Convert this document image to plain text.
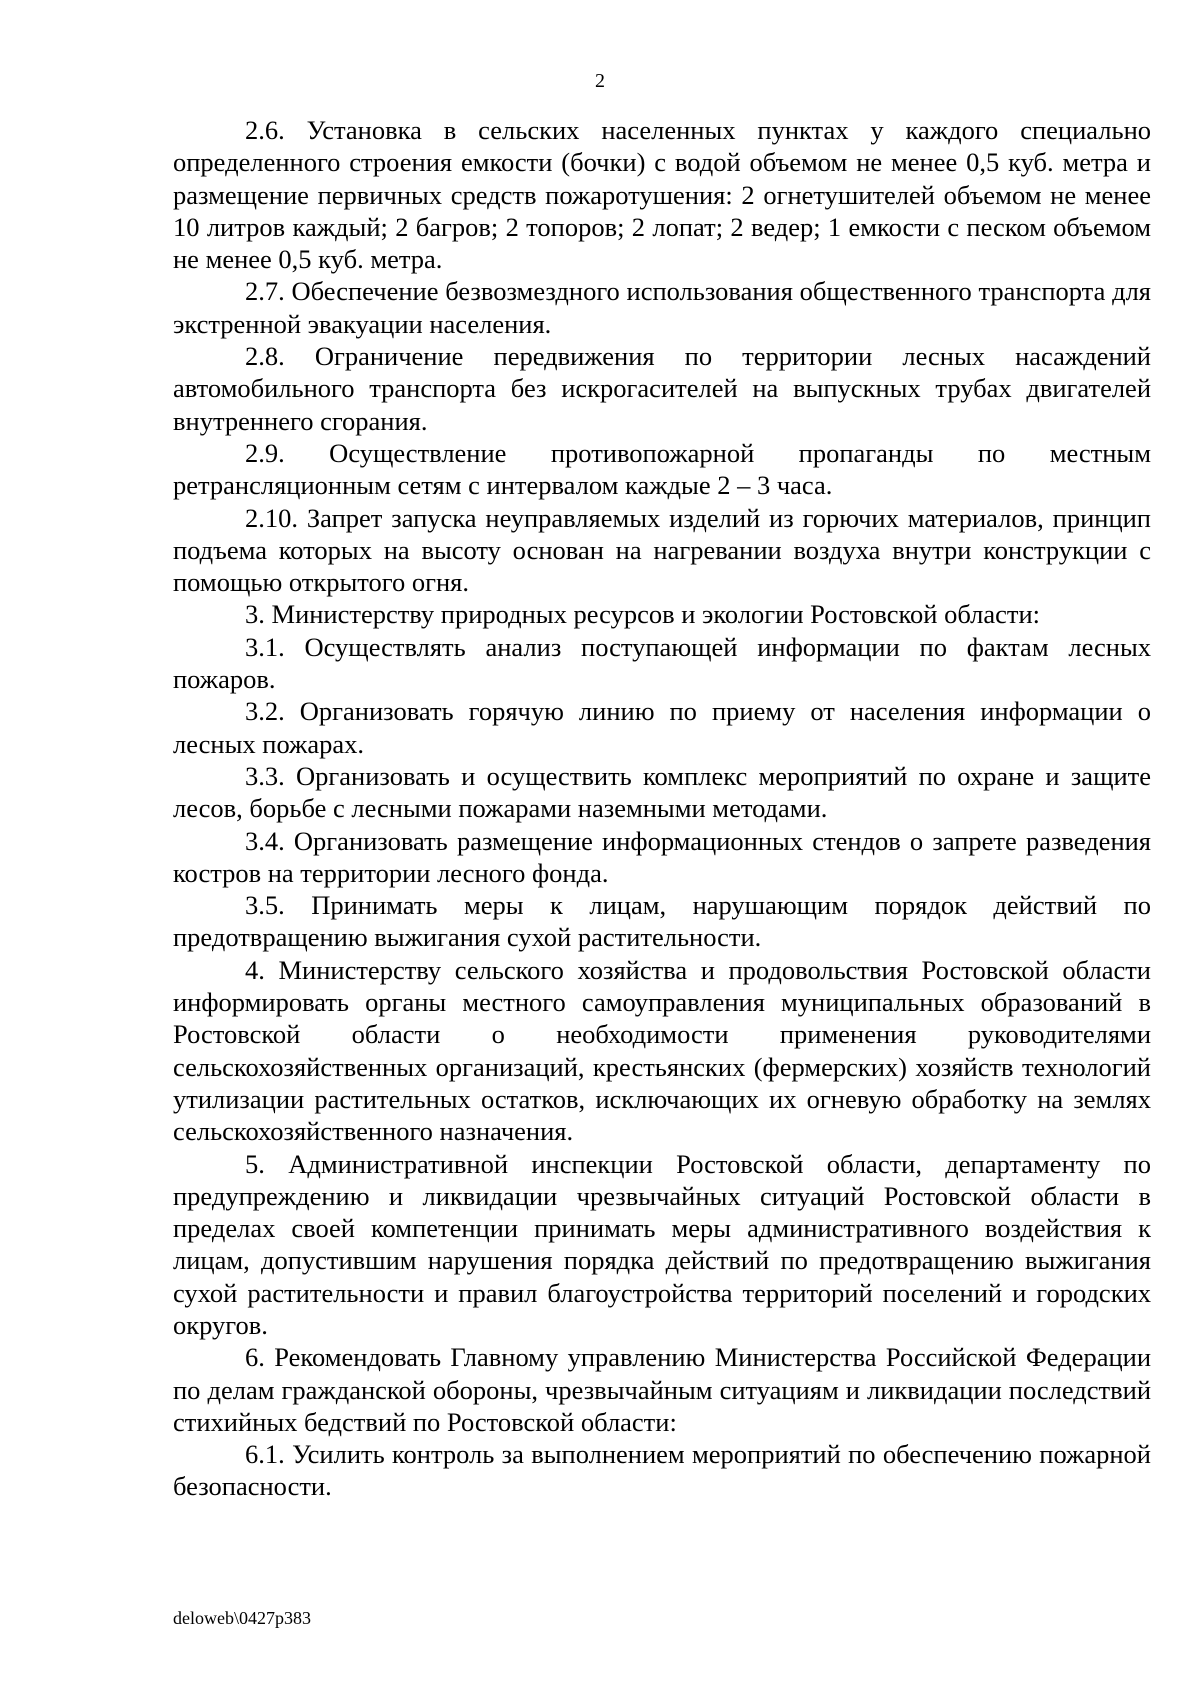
2

2.6. Установка в сельских населенных пунктах у каждого специально определенного строения емкости (бочки) с водой объемом не менее 0,5 куб. метра и размещение первичных средств пожаротушения: 2 огнетушителей объемом не менее 10 литров каждый; 2 багров; 2 топоров; 2 лопат; 2 ведер; 1 емкости с песком объемом не менее 0,5 куб. метра.

2.7. Обеспечение безвозмездного использования общественного транспорта для экстренной эвакуации населения.

2.8. Ограничение передвижения по территории лесных насаждений автомобильного транспорта без искрогасителей на выпускных трубах двигателей внутреннего сгорания.

2.9. Осуществление противопожарной пропаганды по местным ретрансляционным сетям с интервалом каждые 2 – 3 часа.

2.10. Запрет запуска неуправляемых изделий из горючих материалов, принцип подъема которых на высоту основан на нагревании воздуха внутри конструкции с помощью открытого огня.

3. Министерству природных ресурсов и экологии Ростовской области:

3.1. Осуществлять анализ поступающей информации по фактам лесных пожаров.

3.2. Организовать горячую линию по приему от населения информации о лесных пожарах.

3.3. Организовать и осуществить комплекс мероприятий по охране и защите лесов, борьбе с лесными пожарами наземными методами.

3.4. Организовать размещение информационных стендов о запрете разведения костров на территории лесного фонда.

3.5. Принимать меры к лицам, нарушающим порядок действий по предотвращению выжигания сухой растительности.

4. Министерству сельского хозяйства и продовольствия Ростовской области информировать органы местного самоуправления муниципальных образований в Ростовской области о необходимости применения руководителями сельскохозяйственных организаций, крестьянских (фермерских) хозяйств технологий утилизации растительных остатков, исключающих их огневую обработку на землях сельскохозяйственного назначения.

5. Административной инспекции Ростовской области, департаменту по предупреждению и ликвидации чрезвычайных ситуаций Ростовской области в пределах своей компетенции принимать меры административного воздействия к лицам, допустившим нарушения порядка действий по предотвращению выжигания сухой растительности и правил благоустройства территорий поселений и городских округов.

6. Рекомендовать Главному управлению Министерства Российской Федерации по делам гражданской обороны, чрезвычайным ситуациям и ликвидации последствий стихийных бедствий по Ростовской области:

6.1. Усилить контроль за выполнением мероприятий по обеспечению пожарной безопасности.

deloweb\0427p383
